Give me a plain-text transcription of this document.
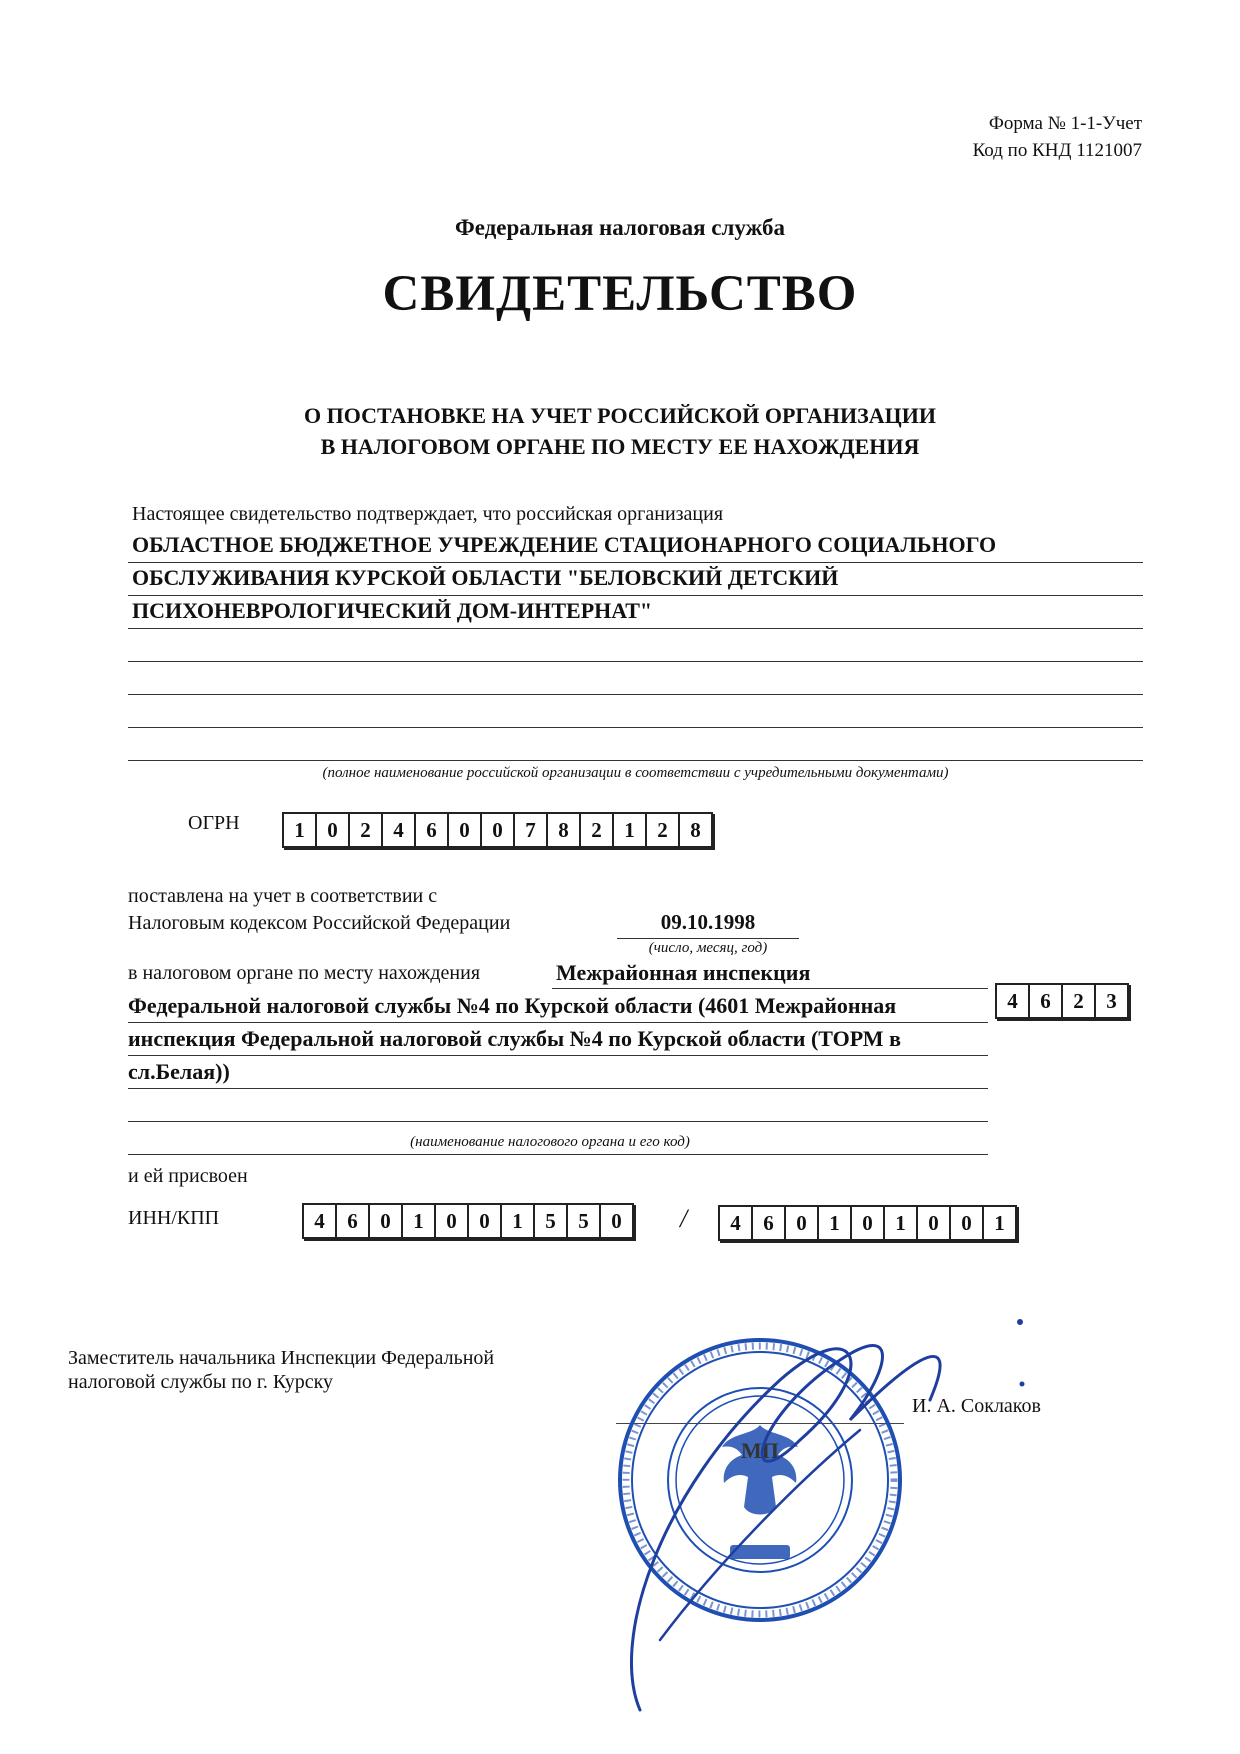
Форма № 1-1-Учет
Код по КНД 1121007
Федеральная налоговая служба
СВИДЕТЕЛЬСТВО
О ПОСТАНОВКЕ НА УЧЕТ РОССИЙСКОЙ ОРГАНИЗАЦИИ
В НАЛОГОВОМ ОРГАНЕ ПО МЕСТУ ЕЕ НАХОЖДЕНИЯ
Настоящее свидетельство подтверждает, что российская организация
ОБЛАСТНОЕ БЮДЖЕТНОЕ УЧРЕЖДЕНИЕ СТАЦИОНАРНОГО СОЦИАЛЬНОГО
ОБСЛУЖИВАНИЯ КУРСКОЙ ОБЛАСТИ "БЕЛОВСКИЙ ДЕТСКИЙ
ПСИХОНЕВРОЛОГИЧЕСКИЙ ДОМ-ИНТЕРНАТ"
(полное наименование российской организации в соответствии с учредительными документами)
ОГРН	1	0	2	4	6	0	0	7	8	2	1	2	8
поставлена на учет в соответствии с
Налоговым кодексом Российской Федерации	09.10.1998
(число, месяц, год)
в налоговом органе по месту нахождения	Межрайонная инспекция
Федеральной налоговой службы №4 по Курской области (4601 Межрайонная
инспекция Федеральной налоговой службы №4 по Курской области (ТОРМ в
сл.Белая))
4	6	2	3
(наименование налогового органа и его код)
и ей присвоен
ИНН/КПП	4	6	0	1	0	0	1	5	5	0	/	4	6	0	1	0	1	0	0	1
Заместитель начальника Инспекции Федеральной
налоговой службы по г. Курску
И. А. Соклаков
МП
